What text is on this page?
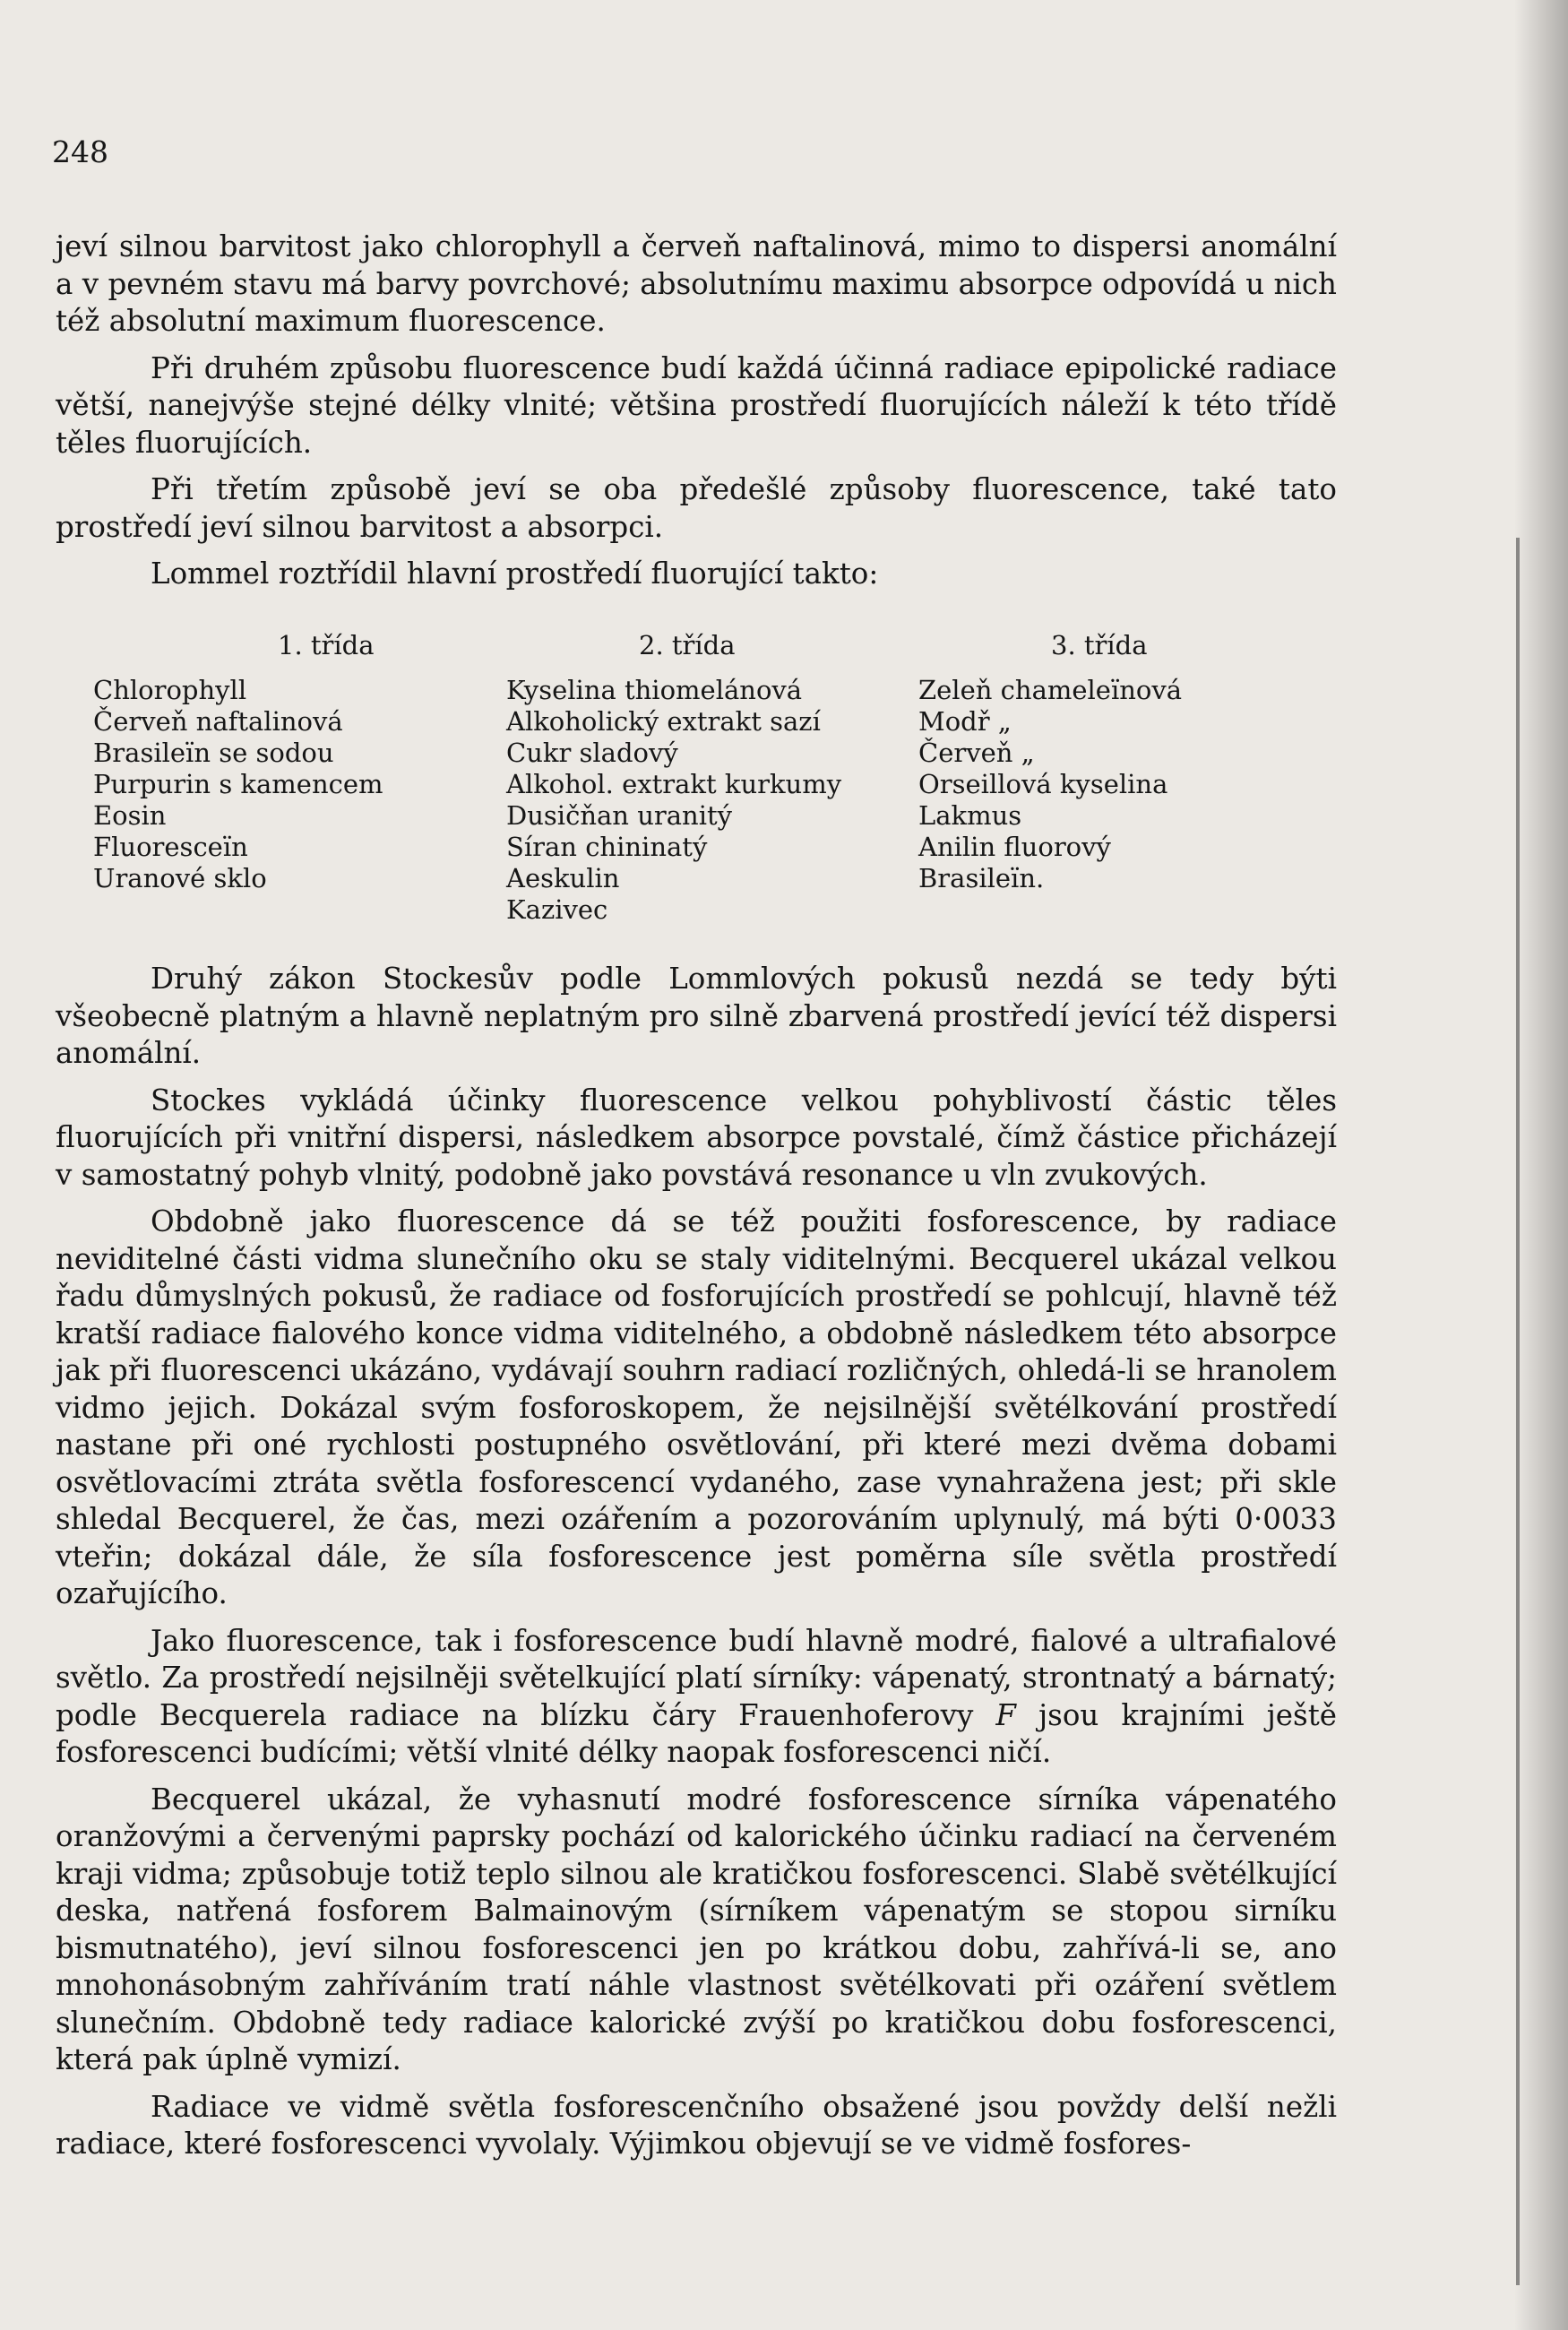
248

jeví silnou barvitost jako chlorophyll a červeň naftalinová, mimo to dispersi anomální a v pevném stavu má barvy povrchové; absolutnímu maximu absorpce odpovídá u nich též absolutní maximum fluorescence.

Při druhém způsobu fluorescence budí každá účinná radiace epipolické radiace větší, nanejvýše stejné délky vlnité; většina prostředí fluorujících náleží k této třídě těles fluorujících.

Při třetím způsobě jeví se oba předešlé způsoby fluorescence, také tato prostředí jeví silnou barvitost a absorpci.

Lommel roztřídil hlavní prostředí fluorující takto:

1. třída
Chlorophyll
Červeň naftalinová
Brasileïn se sodou
Purpurin s kamencem
Eosin
Fluoresceïn
Uranové sklo
2. třída
Kyselina thiomelánová
Alkoholický extrakt sazí
Cukr sladový
Alkohol. extrakt kurkumy
Dusičňan uranitý
Síran chininatý
Aeskulin
Kazivec
3. třída
Zeleň chameleïnová
Modř „
Červeň „
Orseillová kyselina
Lakmus
Anilin fluorový
Brasileïn.

Druhý zákon Stockesův podle Lommlových pokusů nezdá se tedy býti všeobecně platným a hlavně neplatným pro silně zbarvená prostředí jevící též dispersi anomální.

Stockes vykládá účinky fluorescence velkou pohyblivostí částic těles fluorujících při vnitřní dispersi, následkem absorpce povstalé, čímž částice přicházejí v samostatný pohyb vlnitý, podobně jako povstává resonance u vln zvukových.

Obdobně jako fluorescence dá se též použiti fosforescence, by radiace neviditelné části vidma slunečního oku se staly viditelnými. Becquerel ukázal velkou řadu důmyslných pokusů, že radiace od fosforujících prostředí se pohlcují, hlavně též kratší radiace fialového konce vidma viditelného, a obdobně následkem této absorpce jak při fluorescenci ukázáno, vydávají souhrn radiací rozličných, ohledá-li se hranolem vidmo jejich. Dokázal svým fosforoskopem, že nejsilnější světélkování prostředí nastane při oné rychlosti postupného osvětlování, při které mezi dvěma dobami osvětlovacími ztráta světla fosforescencí vydaného, zase vynahražena jest; při skle shledal Becquerel, že čas, mezi ozářením a pozorováním uplynulý, má býti 0·0033 vteřin; dokázal dále, že síla fosforescence jest poměrna síle světla prostředí ozařujícího.

Jako fluorescence, tak i fosforescence budí hlavně modré, fialové a ultrafialové světlo. Za prostředí nejsilněji světelkující platí sírníky: vápenatý, strontnatý a bárnatý; podle Becquerela radiace na blízku čáry Frauenhoferovy F jsou krajními ještě fosforescenci budícími; větší vlnité délky naopak fosforescenci ničí.

Becquerel ukázal, že vyhasnutí modré fosforescence sírníka vápenatého oranžovými a červenými paprsky pochází od kalorického účinku radiací na červeném kraji vidma; způsobuje totiž teplo silnou ale kratičkou fosforescenci. Slabě světélkující deska, natřená fosforem Balmainovým (sírníkem vápenatým se stopou sirníku bismutnatého), jeví silnou fosforescenci jen po krátkou dobu, zahřívá-li se, ano mnohonásobným zahříváním tratí náhle vlastnost světélkovati při ozáření světlem slunečním. Obdobně tedy radiace kalorické zvýší po kratičkou dobu fosforescenci, která pak úplně vymizí.

Radiace ve vidmě světla fosforescenčního obsažené jsou povždy delší nežli radiace, které fosforescenci vyvolaly. Výjimkou objevují se ve vidmě fosfores-
